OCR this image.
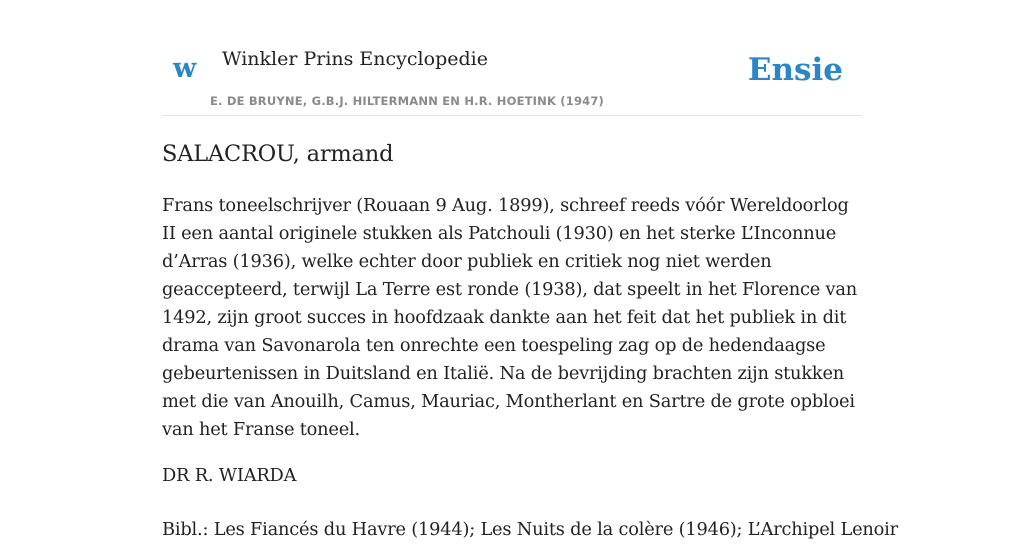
w Winkler Prins Encyclopedie
E. DE BRUYNE, G.B.J. HILTERMANN EN H.R. HOETINK (1947)
Ensie
SALACROU, armand

Frans toneelschrijver (Rouaan 9 Aug. 1899), schreef reeds vóór Wereldoorlog II een aantal originele stukken als Patchouli (1930) en het sterke L’Inconnue d’Arras (1936), welke echter door publiek en critiek nog niet werden geaccepteerd, terwijl La Terre est ronde (1938), dat speelt in het Florence van 1492, zijn groot succes in hoofdzaak dankte aan het feit dat het publiek in dit drama van Savonarola ten onrechte een toespeling zag op de hedendaagse gebeurtenissen in Duitsland en Italië. Na de bevrijding brachten zijn stukken met die van Anouilh, Camus, Mauriac, Montherlant en Sartre de grote opbloei van het Franse toneel.

DR R. WIARDA

Bibl.: Les Fiancés du Havre (1944); Les Nuits de la colère (1946); L’Archipel Lenoir
